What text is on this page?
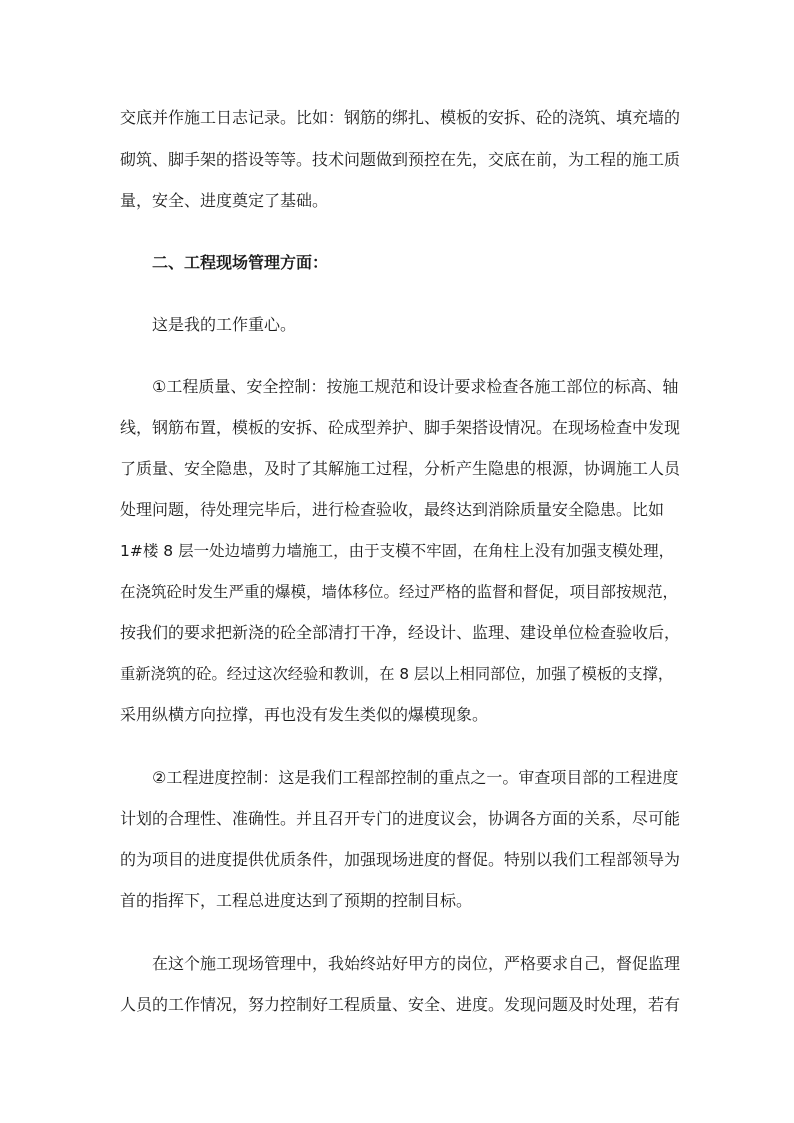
交底并作施工日志记录。比如：钢筋的绑扎、模板的安拆、砼的浇筑、填充墙的
砌筑、脚手架的搭设等等。技术问题做到预控在先，交底在前，为工程的施工质
量，安全、进度奠定了基础。
二、工程现场管理方面：
这是我的工作重心。
①工程质量、安全控制：按施工规范和设计要求检查各施工部位的标高、轴
线，钢筋布置，模板的安拆、砼成型养护、脚手架搭设情况。在现场检查中发现
了质量、安全隐患，及时了其解施工过程，分析产生隐患的根源，协调施工人员
处理问题，待处理完毕后，进行检查验收，最终达到消除质量安全隐患。比如
1#楼 8 层一处边墙剪力墙施工，由于支模不牢固，在角柱上没有加强支模处理，
在浇筑砼时发生严重的爆模，墙体移位。经过严格的监督和督促，项目部按规范，
按我们的要求把新浇的砼全部清打干净，经设计、监理、建设单位检查验收后，
重新浇筑的砼。经过这次经验和教训，在 8 层以上相同部位，加强了模板的支撑，
采用纵横方向拉撑，再也没有发生类似的爆模现象。
②工程进度控制：这是我们工程部控制的重点之一。审查项目部的工程进度
计划的合理性、准确性。并且召开专门的进度议会，协调各方面的关系，尽可能
的为项目的进度提供优质条件，加强现场进度的督促。特别以我们工程部领导为
首的指挥下，工程总进度达到了预期的控制目标。
在这个施工现场管理中，我始终站好甲方的岗位，严格要求自己，督促监理
人员的工作情况，努力控制好工程质量、安全、进度。发现问题及时处理，若有
